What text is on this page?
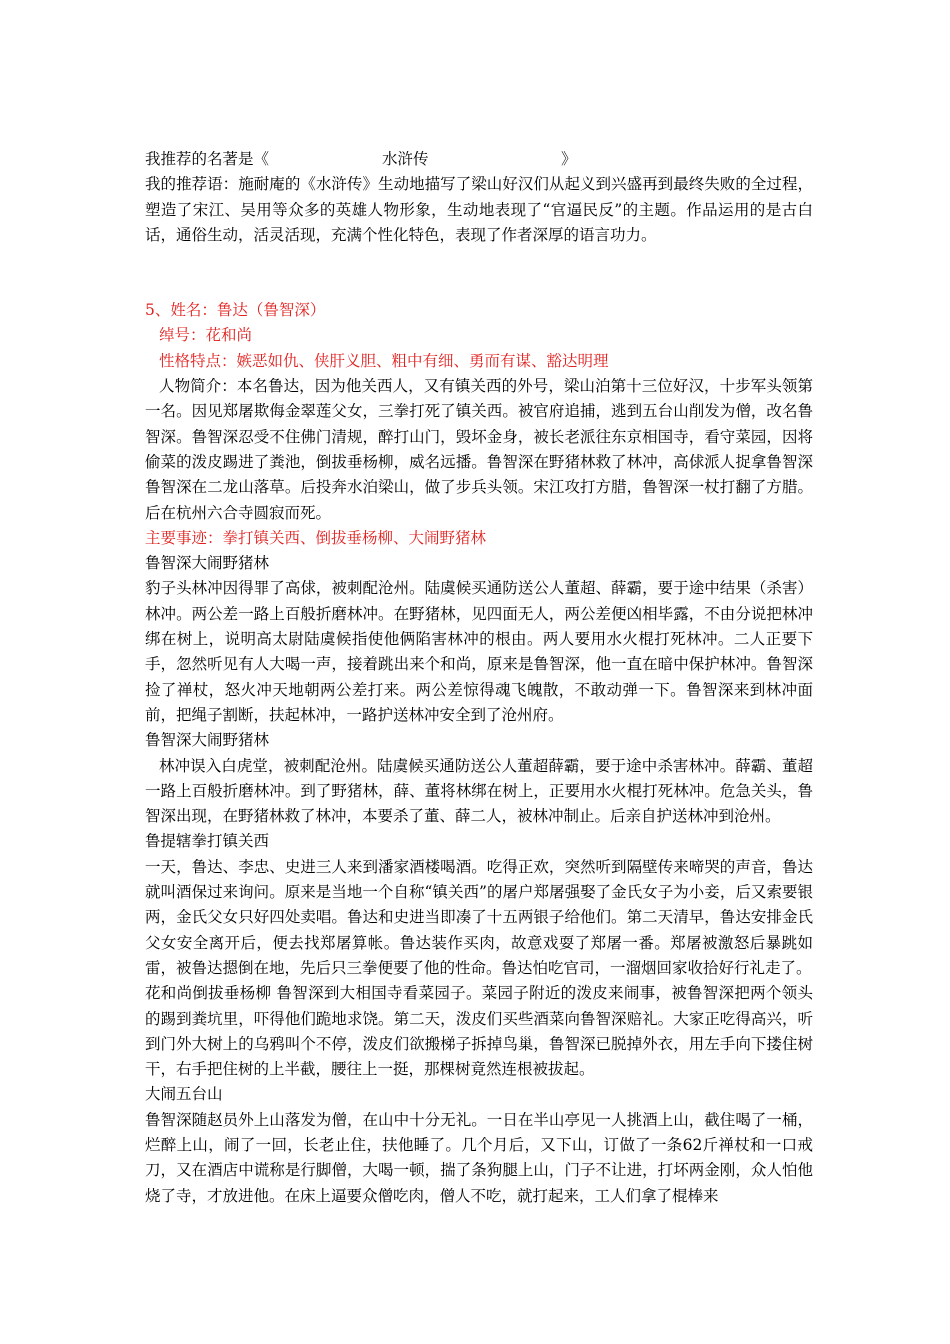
我推荐的名著是《	水浒传	》
我的推荐语：施耐庵的《水浒传》生动地描写了梁山好汉们从起义到兴盛再到最终失败的全过程，塑造了宋江、吴用等众多的英雄人物形象，生动地表现了“官逼民反”的主题。作品运用的是古白话，通俗生动，活灵活现，充满个性化特色，表现了作者深厚的语言功力。
5、姓名：鲁达（鲁智深）
绰号：花和尚
性格特点：嫉恶如仇、侠肝义胆、粗中有细、勇而有谋、豁达明理
人物简介：本名鲁达，因为他关西人，又有镇关西的外号，梁山泊第十三位好汉，十步军头领第一名。因见郑屠欺侮金翠莲父女，三拳打死了镇关西。被官府追捕，逃到五台山削发为僧，改名鲁智深。鲁智深忍受不住佛门清规，醉打山门，毁坏金身，被长老派往东京相国寺，看守菜园，因将偷菜的泼皮踢进了粪池，倒拔垂杨柳，威名远播。鲁智深在野猪林救了林冲，高俅派人捉拿鲁智深鲁智深在二龙山落草。后投奔水泊梁山，做了步兵头领。宋江攻打方腊，鲁智深一杖打翻了方腊。后在杭州六合寺圆寂而死。
主要事迹：拳打镇关西、倒拔垂杨柳、大闹野猪林
鲁智深大闹野猪林
豹子头林冲因得罪了高俅，被刺配沧州。陆虞候买通防送公人董超、薛霸，要于途中结果（杀害）林冲。两公差一路上百般折磨林冲。在野猪林，见四面无人，两公差便凶相毕露，不由分说把林冲绑在树上，说明高太尉陆虞候指使他俩陷害林冲的根由。两人要用水火棍打死林冲。二人正要下手，忽然听见有人大喝一声，接着跳出来个和尚，原来是鲁智深，他一直在暗中保护林冲。鲁智深捡了禅杖，怒火冲天地朝两公差打来。两公差惊得魂飞魄散，不敢动弹一下。鲁智深来到林冲面前，把绳子割断，扶起林冲，一路护送林冲安全到了沧州府。
鲁智深大闹野猪林
林冲误入白虎堂，被刺配沧州。陆虞候买通防送公人董超薛霸，要于途中杀害林冲。薛霸、董超一路上百般折磨林冲。到了野猪林，薛、董将林绑在树上，正要用水火棍打死林冲。危急关头，鲁智深出现，在野猪林救了林冲，本要杀了董、薛二人，被林冲制止。后亲自护送林冲到沧州。
鲁提辖拳打镇关西
一天，鲁达、李忠、史进三人来到潘家酒楼喝酒。吃得正欢，突然听到隔壁传来啼哭的声音，鲁达就叫酒保过来询问。原来是当地一个自称“镇关西”的屠户郑屠强娶了金氏女子为小妾，后又索要银两，金氏父女只好四处卖唱。鲁达和史进当即凑了十五两银子给他们。第二天清早，鲁达安排金氏父女安全离开后，便去找郑屠算帐。鲁达装作买肉，故意戏耍了郑屠一番。郑屠被激怒后暴跳如雷，被鲁达摁倒在地，先后只三拳便要了他的性命。鲁达怕吃官司，一溜烟回家收拾好行礼走了。
花和尚倒拔垂杨柳 鲁智深到大相国寺看菜园子。菜园子附近的泼皮来闹事，被鲁智深把两个领头的踢到粪坑里，吓得他们跪地求饶。第二天，泼皮们买些酒菜向鲁智深赔礼。大家正吃得高兴，听到门外大树上的乌鸦叫个不停，泼皮们欲搬梯子拆掉鸟巢，鲁智深已脱掉外衣，用左手向下搂住树干，右手把住树的上半截，腰往上一挺，那棵树竟然连根被拔起。
大闹五台山
鲁智深随赵员外上山落发为僧，在山中十分无礼。一日在半山亭见一人挑酒上山，截住喝了一桶，烂醉上山，闹了一回，长老止住，扶他睡了。几个月后，又下山，订做了一条62斤禅杖和一口戒刀，又在酒店中谎称是行脚僧，大喝一顿，揣了条狗腿上山，门子不让进，打坏两金刚，众人怕他烧了寺，才放进他。在床上逼要众僧吃肉，僧人不吃，就打起来，工人们拿了棍棒来
